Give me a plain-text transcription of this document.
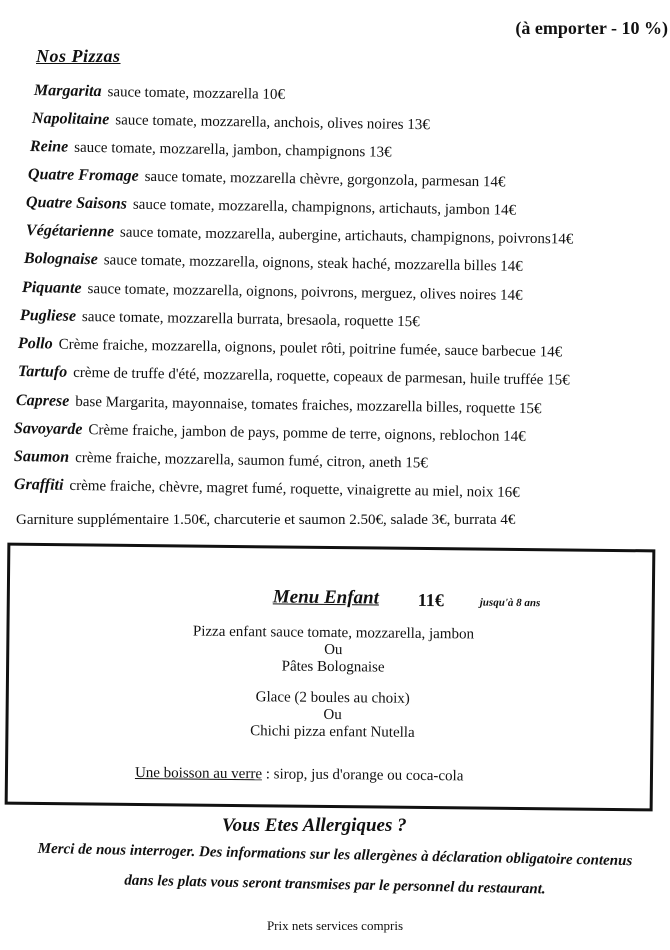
(à emporter - 10 %)
Nos Pizzas
Margarita sauce tomate, mozzarella 10€
Napolitaine sauce tomate, mozzarella, anchois, olives noires 13€
Reine sauce tomate, mozzarella, jambon, champignons 13€
Quatre Fromage sauce tomate, mozzarella chèvre, gorgonzola, parmesan 14€
Quatre Saisons sauce tomate, mozzarella, champignons, artichauts, jambon 14€
Végétarienne sauce tomate, mozzarella, aubergine, artichauts, champignons, poivrons14€
Bolognaise sauce tomate, mozzarella, oignons, steak haché, mozzarella billes 14€
Piquante sauce tomate, mozzarella, oignons, poivrons, merguez, olives noires 14€
Pugliese sauce tomate, mozzarella burrata, bresaola, roquette 15€
Pollo Crème fraiche, mozzarella, oignons, poulet rôti, poitrine fumée, sauce barbecue 14€
Tartufo crème de truffe d'été, mozzarella, roquette, copeaux de parmesan, huile truffée 15€
Caprese base Margarita, mayonnaise, tomates fraiches, mozzarella billes, roquette 15€
Savoyarde Crème fraiche, jambon de pays, pomme de terre, oignons, reblochon 14€
Saumon crème fraiche, mozzarella, saumon fumé, citron, aneth 15€
Graffiti crème fraiche, chèvre, magret fumé, roquette, vinaigrette au miel, noix 16€
Garniture supplémentaire 1.50€, charcuterie et saumon 2.50€, salade 3€, burrata 4€
Menu Enfant 11€	jusqu'à 8 ans
Pizza enfant sauce tomate, mozzarella, jambon
Ou
Pâtes Bolognaise
Glace (2 boules au choix)
Ou
Chichi pizza enfant Nutella
Une boisson au verre : sirop, jus d'orange ou coca-cola
Vous Etes Allergiques ?
Merci de nous interroger. Des informations sur les allergènes à déclaration obligatoire contenus
dans les plats vous seront transmises par le personnel du restaurant.
Prix nets services compris
